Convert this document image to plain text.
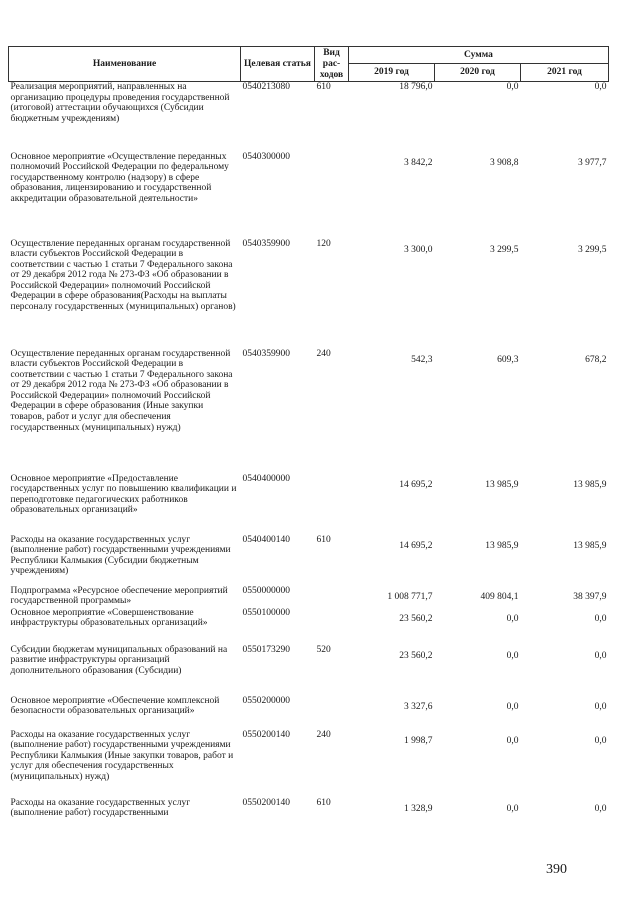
Наименование	Целевая статья	Вид рас-ходов	Сумма		
			2019 год	2020 год	2021 год
Реализация мероприятий, направленных на организацию процедуры проведения государственной (итоговой) аттестации обучающихся (Субсидии бюджетным учреждениям)	0540213080	610	18 796,0	0,0	0,0
Основное мероприятие «Осуществление переданных полномочий Российской Федерации по федеральному государственному контролю (надзору) в сфере образования, лицензированию и государственной аккредитации образовательной деятельности»	0540300000		3 842,2	3 908,8	3 977,7
Осуществление переданных органам государственной власти субъектов Российской Федерации в соответствии с частью 1 статьи 7 Федерального закона от 29 декабря 2012 года № 273-ФЗ «Об образовании в Российской Федерации» полномочий Российской Федерации в сфере образования(Расходы на выплаты персоналу государственных (муниципальных) органов)	0540359900	120	3 300,0	3 299,5	3 299,5
Осуществление переданных органам государственной власти субъектов Российской Федерации в соответствии с частью 1 статьи 7 Федерального закона от 29 декабря 2012 года № 273-ФЗ «Об образовании в Российской Федерации» полномочий Российской Федерации в сфере образования (Иные закупки товаров, работ и услуг для обеспечения государственных (муниципальных) нужд)	0540359900	240	542,3	609,3	678,2
Основное мероприятие «Предоставление государственных услуг по повышению квалификации и переподготовке педагогических работников образовательных организаций»	0540400000		14 695,2	13 985,9	13 985,9
Расходы на оказание государственных услуг (выполнение работ) государственными учреждениями Республики Калмыкия (Субсидии бюджетным учреждениям)	0540400140	610	14 695,2	13 985,9	13 985,9
Подпрограмма «Ресурсное обеспечение мероприятий государственной программы»	0550000000		1 008 771,7	409 804,1	38 397,9
Основное мероприятие «Совершенствование инфраструктуры образовательных организаций»	0550100000		23 560,2	0,0	0,0
Субсидии бюджетам муниципальных образований на развитие инфраструктуры организаций дополнительного образования (Субсидии)	0550173290	520	23 560,2	0,0	0,0
Основное мероприятие «Обеспечение комплексной безопасности образовательных организаций»	0550200000		3 327,6	0,0	0,0
Расходы на оказание государственных услуг (выполнение работ) государственными учреждениями Республики Калмыкия (Иные закупки товаров, работ и услуг для обеспечения государственных (муниципальных) нужд)	0550200140	240	1 998,7	0,0	0,0
Расходы на оказание государственных услуг (выполнение работ) государственными	0550200140	610	1 328,9	0,0	0,0
390
